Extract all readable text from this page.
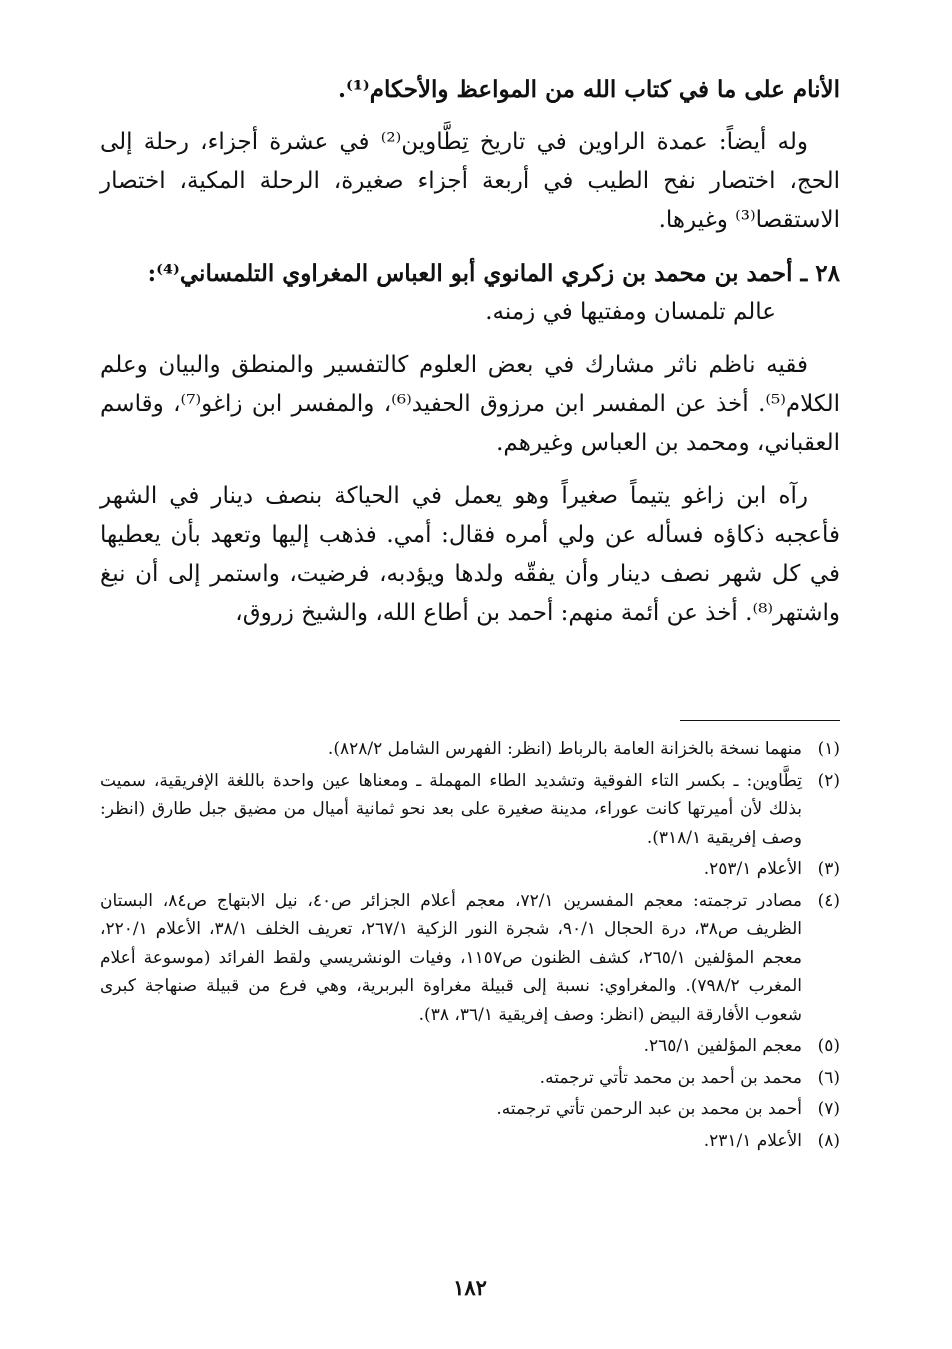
الأنام على ما في كتاب الله من المواعظ والأحكام⁽¹⁾.

وله أيضاً: عمدة الراوين في تاريخ تِطَّاوين⁽²⁾ في عشرة أجزاء، رحلة إلى الحج، اختصار نفح الطيب في أربعة أجزاء صغيرة، الرحلة المكية، اختصار الاستقصا⁽³⁾ وغيرها.

٢٨ ـ أحمد بن محمد بن زكري المانوي أبو العباس المغراوي التلمساني⁽⁴⁾:

عالم تلمسان ومفتيها في زمنه.

فقيه ناظم ناثر مشارك في بعض العلوم كالتفسير والمنطق والبيان وعلم الكلام⁽⁵⁾. أخذ عن المفسر ابن مرزوق الحفيد⁽⁶⁾، والمفسر ابن زاغو⁽⁷⁾، وقاسم العقباني، ومحمد بن العباس وغيرهم.

رآه ابن زاغو يتيماً صغيراً وهو يعمل في الحياكة بنصف دينار في الشهر فأعجبه ذكاؤه فسأله عن ولي أمره فقال: أمي. فذهب إليها وتعهد بأن يعطيها في كل شهر نصف دينار وأن يفقّه ولدها ويؤدبه، فرضيت، واستمر إلى أن نبغ واشتهر⁽⁸⁾. أخذ عن أئمة منهم: أحمد بن أطاع الله، والشيخ زروق،

(١)
منهما نسخة بالخزانة العامة بالرباط (انظر: الفهرس الشامل ٨٢٨/٢).
(٢)
تِطَّاوين: ـ بكسر التاء الفوقية وتشديد الطاء المهملة ـ ومعناها عين واحدة باللغة الإفريقية، سميت بذلك لأن أميرتها كانت عوراء، مدينة صغيرة على بعد نحو ثمانية أميال من مضيق جبل طارق (انظر: وصف إفريقية ٣١٨/١).
(٣)
الأعلام ٢٥٣/١.
(٤)
مصادر ترجمته: معجم المفسرين ٧٢/١، معجم أعلام الجزائر ص٤٠، نيل الابتهاج ص٨٤، البستان الظريف ص٣٨، درة الحجال ٩٠/١، شجرة النور الزكية ٢٦٧/١، تعريف الخلف ٣٨/١، الأعلام ٢٢٠/١، معجم المؤلفين ٢٦٥/١، كشف الظنون ص١١٥٧، وفيات الونشريسي ولقط الفرائد (موسوعة أعلام المغرب ٧٩٨/٢). والمغراوي: نسبة إلى قبيلة مغراوة البربرية، وهي فرع من قبيلة صنهاجة كبرى شعوب الأفارقة البيض (انظر: وصف إفريقية ٣٦/١، ٣٨).
(٥)
معجم المؤلفين ٢٦٥/١.
(٦)
محمد بن أحمد بن محمد تأتي ترجمته.
(٧)
أحمد بن محمد بن عبد الرحمن تأتي ترجمته.
(٨)
الأعلام ٢٣١/١.
١٨٢
